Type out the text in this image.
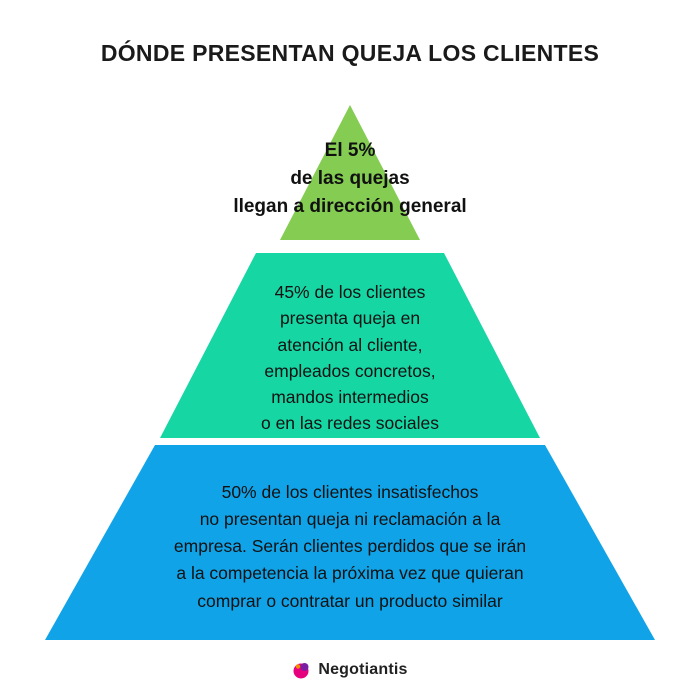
DÓNDE PRESENTAN QUEJA LOS CLIENTES
El 5%
de las quejas
llegan a dirección general
45% de los clientes
presenta queja en
atención al cliente,
empleados concretos,
mandos intermedios
o en las redes sociales
50% de los clientes insatisfechos
no presentan queja ni reclamación a la
empresa. Serán clientes perdidos que se irán
a la competencia la próxima vez que quieran
comprar o contratar un producto similar
Negotiantis
